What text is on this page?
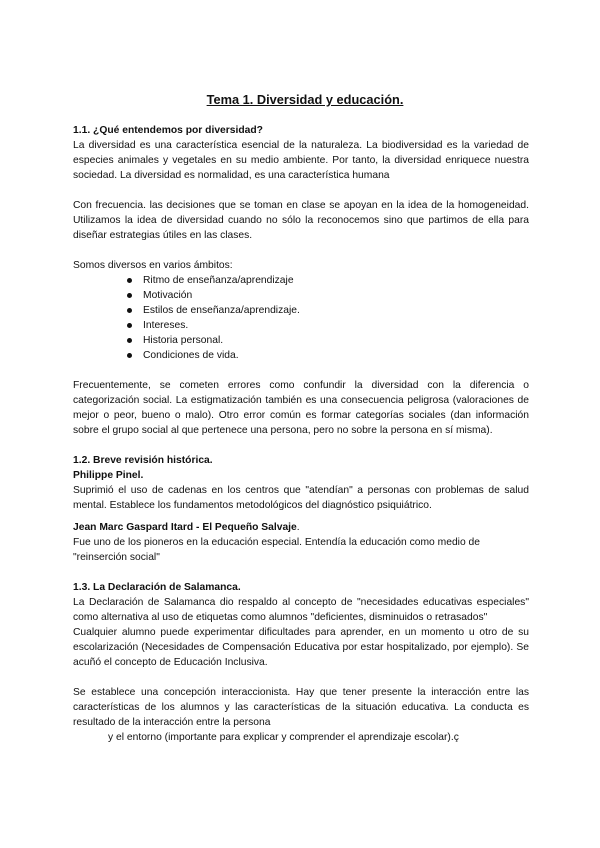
Tema 1. Diversidad y educación.

1.1. ¿Qué entendemos por diversidad?

La diversidad es una característica esencial de la naturaleza. La biodiversidad es la variedad de especies animales y vegetales en su medio ambiente. Por tanto, la diversidad enriquece nuestra sociedad. La diversidad es normalidad, es una característica humana

Con frecuencia. las decisiones que se toman en clase se apoyan en la idea de la homogeneidad. Utilizamos la idea de diversidad cuando no sólo la reconocemos sino que partimos de ella para diseñar estrategias útiles en las clases.

Somos diversos en varios ámbitos:

Ritmo de enseñanza/aprendizaje
Motivación
Estilos de enseñanza/aprendizaje.
Intereses.
Historia personal.
Condiciones de vida.

Frecuentemente, se cometen errores como confundir la diversidad con la diferencia o categorización social. La estigmatización también es una consecuencia peligrosa (valoraciones de mejor o peor, bueno o malo). Otro error común es formar categorías sociales (dan información sobre el grupo social al que pertenece una persona, pero no sobre la persona en sí misma).

1.2. Breve revisión histórica.

Philippe Pinel.

Suprimió el uso de cadenas en los centros que "atendían" a personas con problemas de salud mental. Establece los fundamentos metodológicos del diagnóstico psiquiátrico.

Jean Marc Gaspard Itard - El Pequeño Salvaje.

Fue uno de los pioneros en la educación especial. Entendía la educación como medio de "reinserción social"

1.3. La Declaración de Salamanca.

La Declaración de Salamanca dio respaldo al concepto de "necesidades educativas especiales" como alternativa al uso de etiquetas como alumnos "deficientes, disminuidos o retrasados"

Cualquier alumno puede experimentar dificultades para aprender, en un momento u otro de su escolarización (Necesidades de Compensación Educativa por estar hospitalizado, por ejemplo). Se acuñó el concepto de Educación Inclusiva.

Se establece una concepción interaccionista. Hay que tener presente la interacción entre las características de los alumnos y las características de la situación educativa. La conducta es resultado de la interacción entre la persona

y el entorno (importante para explicar y comprender el aprendizaje escolar).ç
